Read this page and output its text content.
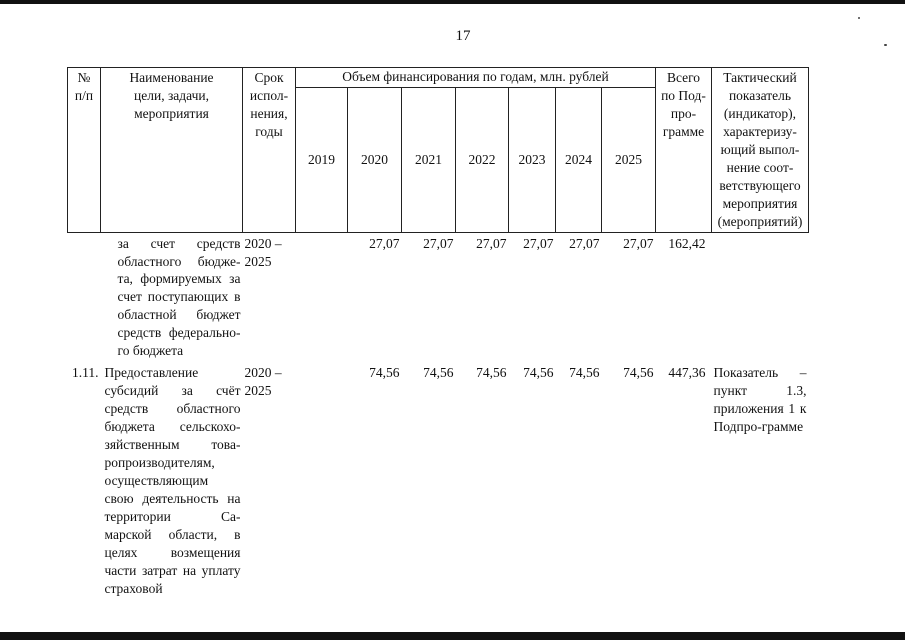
17
№ п/п	Наименование цели, задачи, мероприятия	Срок испол-нения, годы	Объем финансирования по годам, млн. рублей							Всего по Под-про-грамме	Тактический показатель (индикатор), характеризу-ющий выпол-нение соот-ветствующего мероприятия (мероприятий)
			2019	2020	2021	2022	2023	2024	2025		

	за счет средств областного бюдже-та, формируемых за счет поступающих в областной бюджет средств федерально-го бюджета	2020 – 2025		27,07	27,07	27,07	27,07	27,07	27,07	162,42	
1.11.	Предоставление субсидий за счёт средств областного бюджета сельскохо-зяйственным това-ропроизводителям, осуществляющим свою деятельность на территории Са-марской области, в целях возмещения части затрат на уплату страховой	2020 – 2025		74,56	74,56	74,56	74,56	74,56	74,56	447,36	Показатель – пункт 1.3, приложения 1 к Подпро-грамме
